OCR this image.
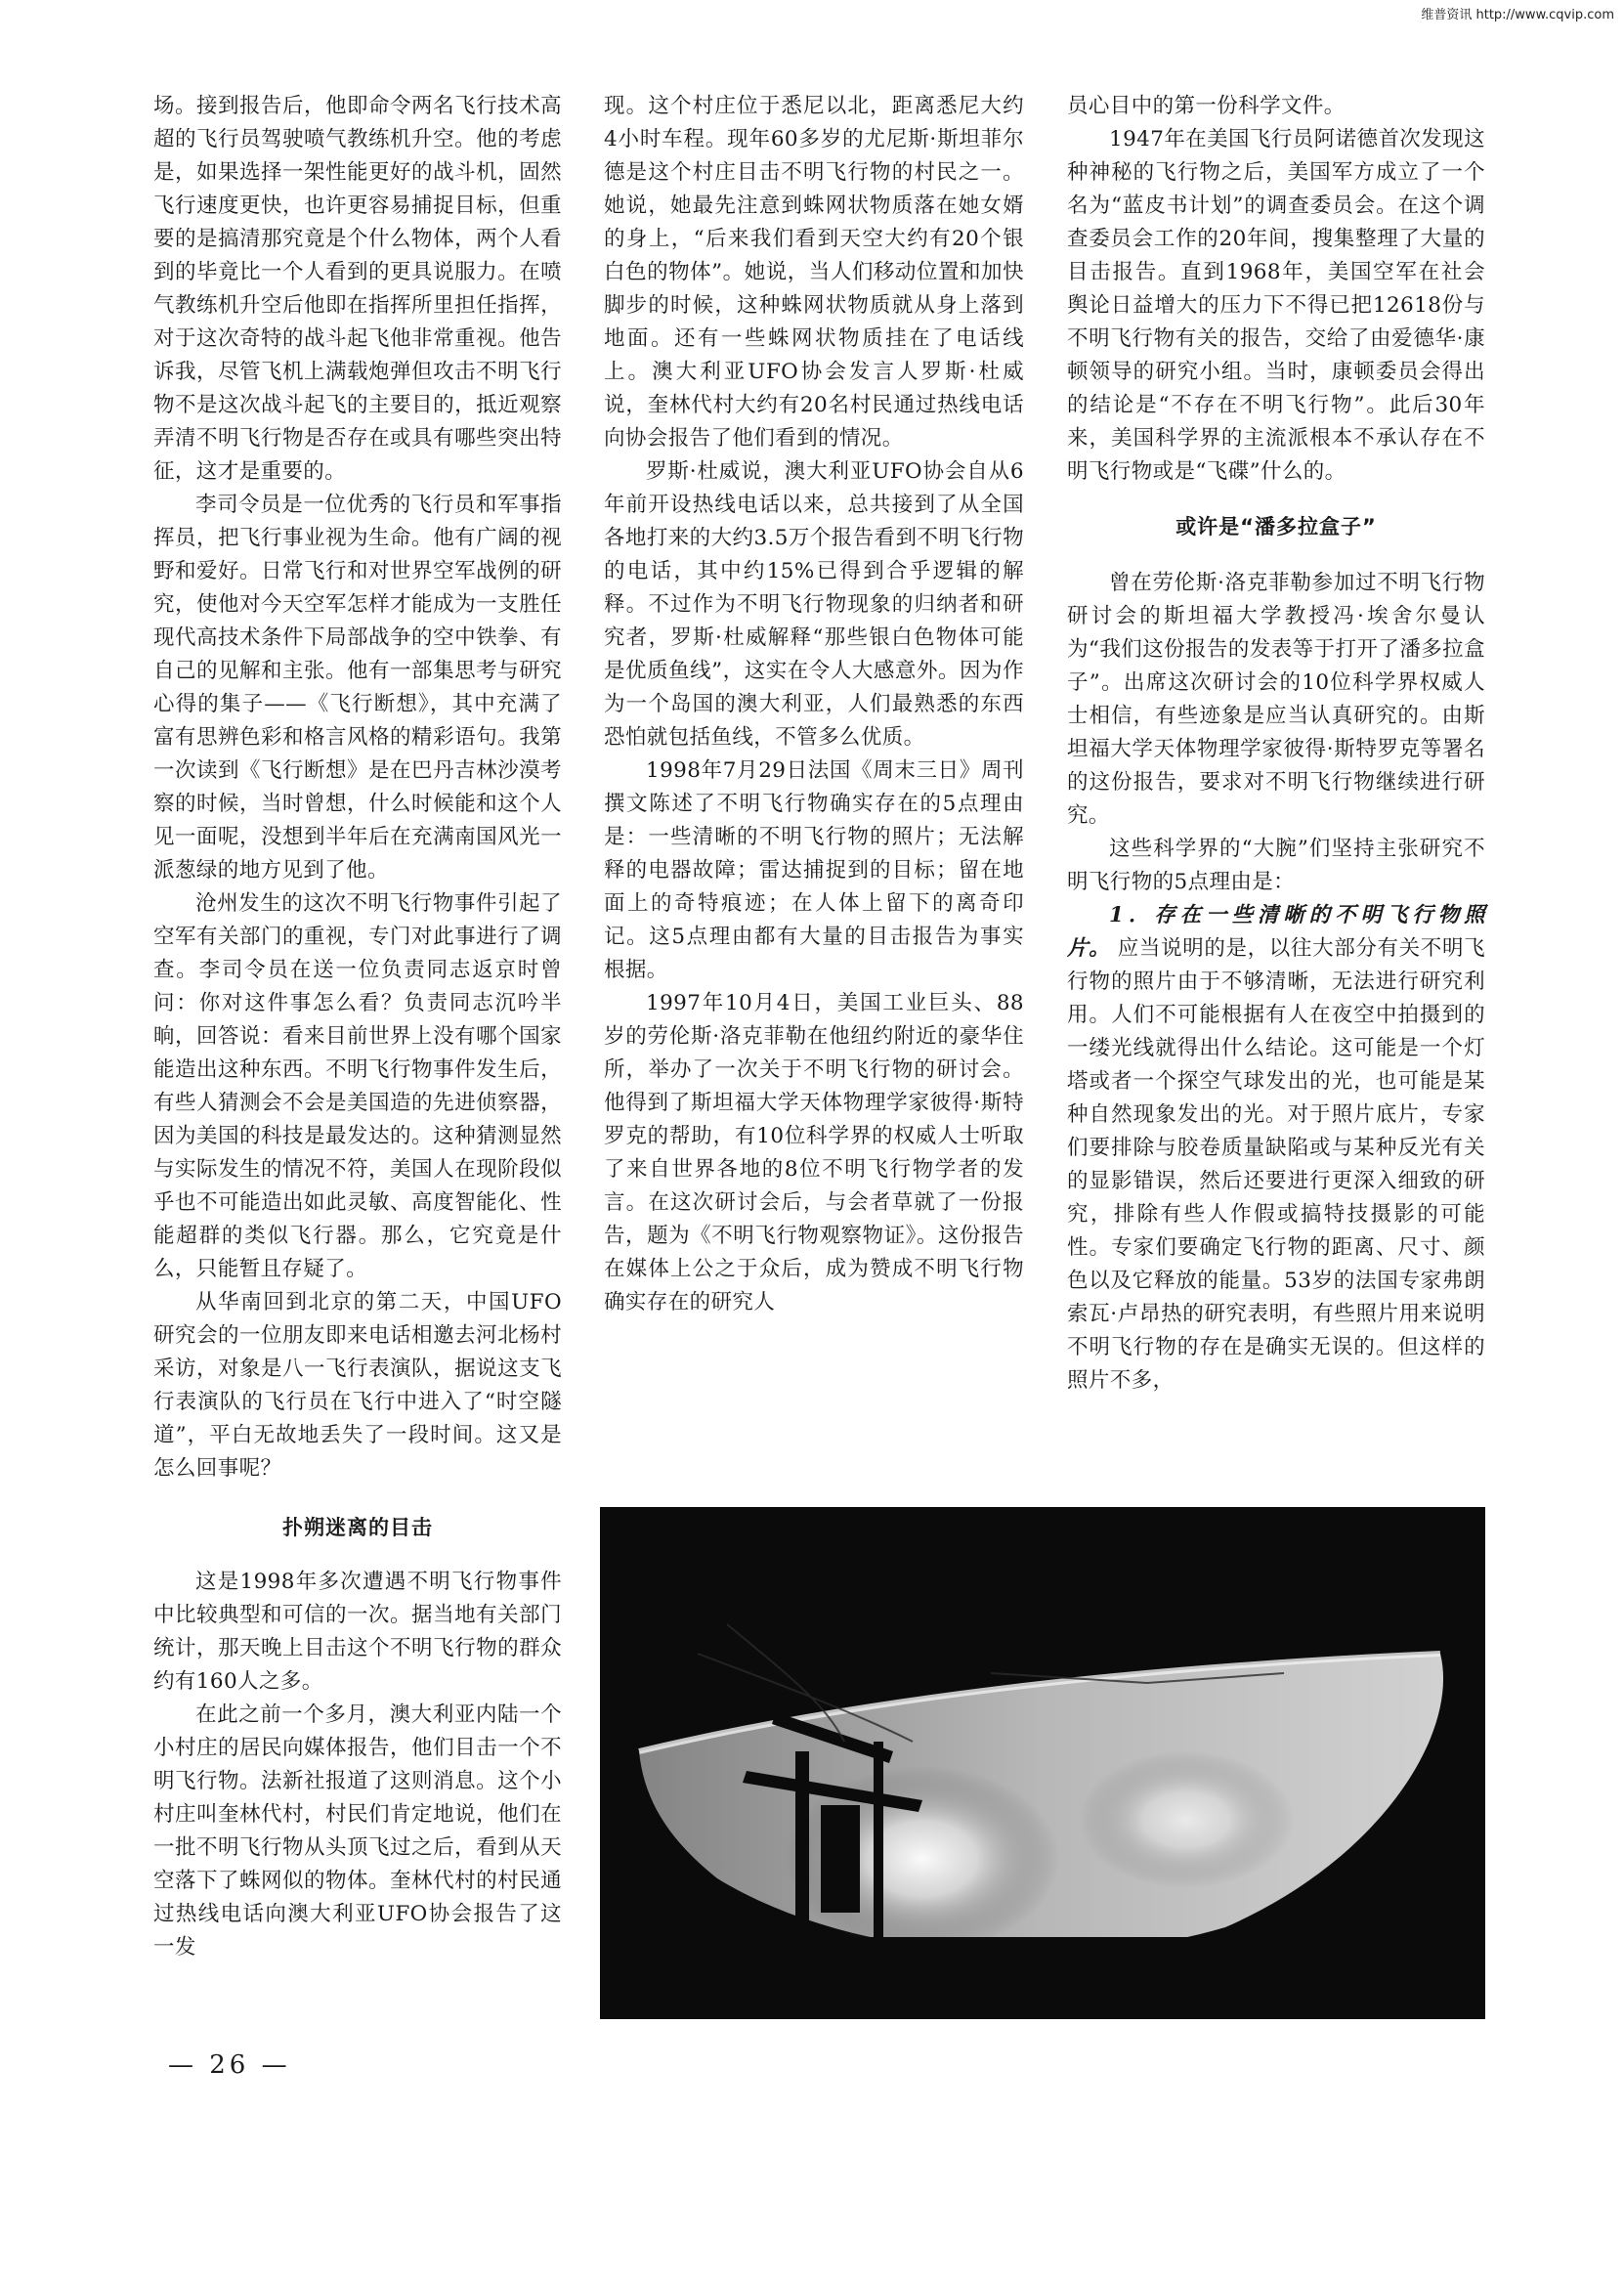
维普资讯 http://www.cqvip.com

场。接到报告后，他即命令两名飞行技术高超的飞行员驾驶喷气教练机升空。他的考虑是，如果选择一架性能更好的战斗机，固然飞行速度更快，也许更容易捕捉目标，但重要的是搞清那究竟是个什么物体，两个人看到的毕竟比一个人看到的更具说服力。在喷气教练机升空后他即在指挥所里担任指挥，对于这次奇特的战斗起飞他非常重视。他告诉我，尽管飞机上满载炮弹但攻击不明飞行物不是这次战斗起飞的主要目的，抵近观察弄清不明飞行物是否存在或具有哪些突出特征，这才是重要的。

李司令员是一位优秀的飞行员和军事指挥员，把飞行事业视为生命。他有广阔的视野和爱好。日常飞行和对世界空军战例的研究，使他对今天空军怎样才能成为一支胜任现代高技术条件下局部战争的空中铁拳、有自己的见解和主张。他有一部集思考与研究心得的集子——《飞行断想》，其中充满了富有思辨色彩和格言风格的精彩语句。我第一次读到《飞行断想》是在巴丹吉林沙漠考察的时候，当时曾想，什么时候能和这个人见一面呢，没想到半年后在充满南国风光一派葱绿的地方见到了他。

沧州发生的这次不明飞行物事件引起了空军有关部门的重视，专门对此事进行了调查。李司令员在送一位负责同志返京时曾问：你对这件事怎么看？负责同志沉吟半晌，回答说：看来目前世界上没有哪个国家能造出这种东西。不明飞行物事件发生后，有些人猜测会不会是美国造的先进侦察器，因为美国的科技是最发达的。这种猜测显然与实际发生的情况不符，美国人在现阶段似乎也不可能造出如此灵敏、高度智能化、性能超群的类似飞行器。那么，它究竟是什么，只能暂且存疑了。

从华南回到北京的第二天，中国UFO研究会的一位朋友即来电话相邀去河北杨村采访，对象是八一飞行表演队，据说这支飞行表演队的飞行员在飞行中进入了“时空隧道”，平白无故地丢失了一段时间。这又是怎么回事呢？

扑朔迷离的目击

这是1998年多次遭遇不明飞行物事件中比较典型和可信的一次。据当地有关部门统计，那天晚上目击这个不明飞行物的群众约有160人之多。

在此之前一个多月，澳大利亚内陆一个小村庄的居民向媒体报告，他们目击一个不明飞行物。法新社报道了这则消息。这个小村庄叫奎林代村，村民们肯定地说，他们在一批不明飞行物从头顶飞过之后，看到从天空落下了蛛网似的物体。奎林代村的村民通过热线电话向澳大利亚UFO协会报告了这一发

现。这个村庄位于悉尼以北，距离悉尼大约4小时车程。现年60多岁的尤尼斯·斯坦菲尔德是这个村庄目击不明飞行物的村民之一。她说，她最先注意到蛛网状物质落在她女婿的身上，“后来我们看到天空大约有20个银白色的物体”。她说，当人们移动位置和加快脚步的时候，这种蛛网状物质就从身上落到地面。还有一些蛛网状物质挂在了电话线上。澳大利亚UFO协会发言人罗斯·杜威说，奎林代村大约有20名村民通过热线电话向协会报告了他们看到的情况。

罗斯·杜威说，澳大利亚UFO协会自从6年前开设热线电话以来，总共接到了从全国各地打来的大约3.5万个报告看到不明飞行物的电话，其中约15%已得到合乎逻辑的解释。不过作为不明飞行物现象的归纳者和研究者，罗斯·杜威解释“那些银白色物体可能是优质鱼线”，这实在令人大感意外。因为作为一个岛国的澳大利亚，人们最熟悉的东西恐怕就包括鱼线，不管多么优质。

1998年7月29日法国《周末三日》周刊撰文陈述了不明飞行物确实存在的5点理由是：一些清晰的不明飞行物的照片；无法解释的电器故障；雷达捕捉到的目标；留在地面上的奇特痕迹；在人体上留下的离奇印记。这5点理由都有大量的目击报告为事实根据。

1997年10月4日，美国工业巨头、88岁的劳伦斯·洛克菲勒在他纽约附近的豪华住所，举办了一次关于不明飞行物的研讨会。他得到了斯坦福大学天体物理学家彼得·斯特罗克的帮助，有10位科学界的权威人士听取了来自世界各地的8位不明飞行物学者的发言。在这次研讨会后，与会者草就了一份报告，题为《不明飞行物观察物证》。这份报告在媒体上公之于众后，成为赞成不明飞行物确实存在的研究人

员心目中的第一份科学文件。

1947年在美国飞行员阿诺德首次发现这种神秘的飞行物之后，美国军方成立了一个名为“蓝皮书计划”的调查委员会。在这个调查委员会工作的20年间，搜集整理了大量的目击报告。直到1968年，美国空军在社会舆论日益增大的压力下不得已把12618份与不明飞行物有关的报告，交给了由爱德华·康顿领导的研究小组。当时，康顿委员会得出的结论是“不存在不明飞行物”。此后30年来，美国科学界的主流派根本不承认存在不明飞行物或是“飞碟”什么的。

或许是“潘多拉盒子”

曾在劳伦斯·洛克菲勒参加过不明飞行物研讨会的斯坦福大学教授冯·埃舍尔曼认为“我们这份报告的发表等于打开了潘多拉盒子”。出席这次研讨会的10位科学界权威人士相信，有些迹象是应当认真研究的。由斯坦福大学天体物理学家彼得·斯特罗克等署名的这份报告，要求对不明飞行物继续进行研究。

这些科学界的“大腕”们坚持主张研究不明飞行物的5点理由是：

1．存在一些清晰的不明飞行物照片。 应当说明的是，以往大部分有关不明飞行物的照片由于不够清晰，无法进行研究利用。人们不可能根据有人在夜空中拍摄到的一缕光线就得出什么结论。这可能是一个灯塔或者一个探空气球发出的光，也可能是某种自然现象发出的光。对于照片底片，专家们要排除与胶卷质量缺陷或与某种反光有关的显影错误，然后还要进行更深入细致的研究，排除有些人作假或搞特技摄影的可能性。专家们要确定飞行物的距离、尺寸、颜色以及它释放的能量。53岁的法国专家弗朗索瓦·卢昂热的研究表明，有些照片用来说明不明飞行物的存在是确实无误的。但这样的照片不多，

— 26 —
